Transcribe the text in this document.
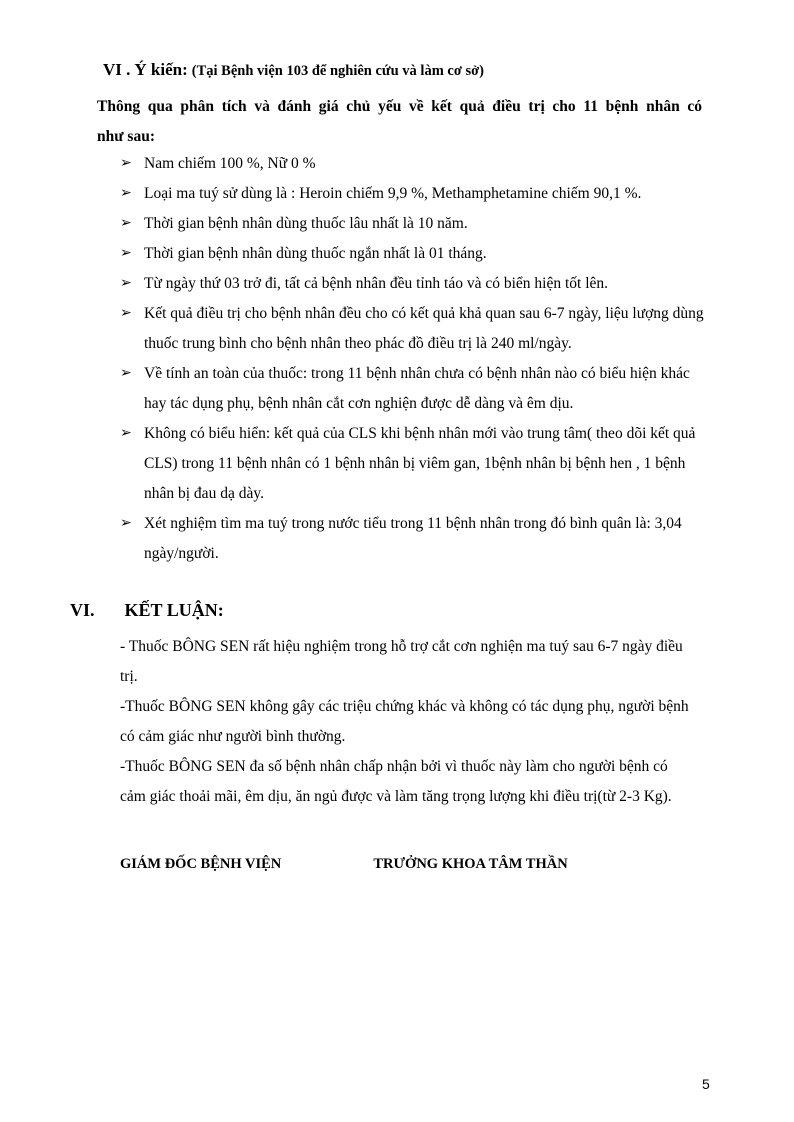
VI . Ý kiến: (Tại Bệnh viện 103 để nghiên cứu và làm cơ sở)
Thông qua phân tích và đánh giá chủ yếu về kết quả điều trị cho 11 bệnh nhân có
như sau:
➢ Nam chiếm 100 %, Nữ 0 %
➢ Loại ma tuý sử dùng là : Heroin chiếm 9,9 %, Methamphetamine chiếm 90,1 %.
➢ Thời gian bệnh nhân dùng thuốc lâu nhất là 10 năm.
➢ Thời gian bệnh nhân dùng thuốc ngắn nhất là 01 tháng.
➢ Từ ngày thứ 03 trở đi, tất cả bệnh nhân đều tỉnh táo và có biển hiện tốt lên.
➢ Kết quả điều trị cho bệnh nhân đều cho có kết quả khả quan sau 6-7 ngày, liệu lượng dùng thuốc trung bình cho bệnh nhân theo phác đồ điều trị là 240 ml/ngày.
➢ Về tính an toàn của thuốc: trong 11 bệnh nhân chưa có bệnh nhân nào có biểu hiện khác hay tác dụng phụ, bệnh nhân cắt cơn nghiện được dễ dàng và êm dịu.
➢ Không có biểu hiển: kết quả của CLS khi bệnh nhân mới vào trung tâm( theo dõi kết quả CLS) trong 11 bệnh nhân có 1 bệnh nhân bị viêm gan, 1bệnh nhân bị bệnh hen , 1 bệnh nhân bị đau dạ dày.
➢ Xét nghiệm tìm ma tuý trong nước tiểu trong 11 bệnh nhân trong đó bình quân là: 3,04 ngày/người.
VI. KẾT LUẬN:

- Thuốc BÔNG SEN rất hiệu nghiệm trong hỗ trợ cắt cơn nghiện ma tuý sau 6-7 ngày điều trị.

-Thuốc BÔNG SEN không gây các triệu chứng khác và không có tác dụng phụ, người bệnh có cảm giác như người bình thường.

-Thuốc BÔNG SEN đa số bệnh nhân chấp nhận bởi vì thuốc này làm cho người bệnh có cảm giác thoải mãi, êm dịu, ăn ngủ được và làm tăng trọng lượng khi điều trị(từ 2-3 Kg).

GIÁM ĐỐC BỆNH VIỆN	TRƯỞNG KHOA TÂM THẦN
5
